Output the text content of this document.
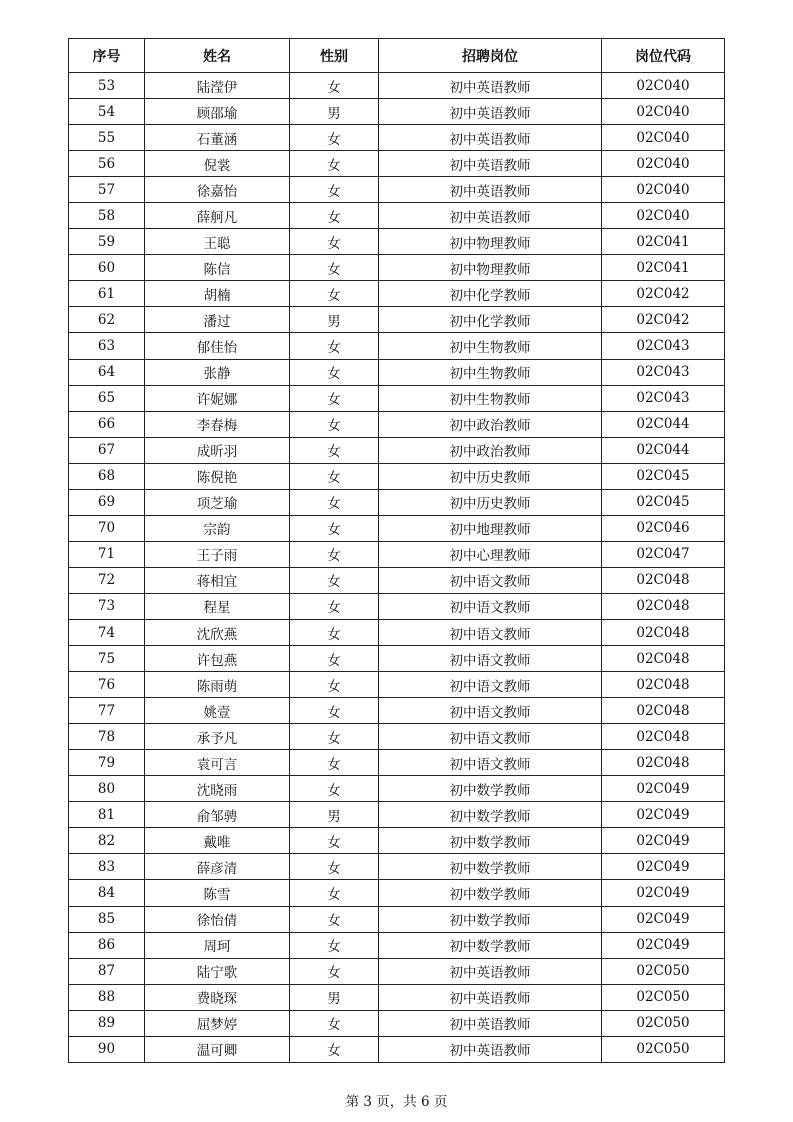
序号	姓名	性别	招聘岗位	岗位代码
53	陆滢伊	女	初中英语教师	02C040
54	顾邵瑜	男	初中英语教师	02C040
55	石董涵	女	初中英语教师	02C040
56	倪裳	女	初中英语教师	02C040
57	徐嘉怡	女	初中英语教师	02C040
58	薛舸凡	女	初中英语教师	02C040
59	王聪	女	初中物理教师	02C041
60	陈信	女	初中物理教师	02C041
61	胡楠	女	初中化学教师	02C042
62	潘过	男	初中化学教师	02C042
63	郁佳怡	女	初中生物教师	02C043
64	张静	女	初中生物教师	02C043
65	许妮娜	女	初中生物教师	02C043
66	李春梅	女	初中政治教师	02C044
67	成昕羽	女	初中政治教师	02C044
68	陈倪艳	女	初中历史教师	02C045
69	项芝瑜	女	初中历史教师	02C045
70	宗韵	女	初中地理教师	02C046
71	王子雨	女	初中心理教师	02C047
72	蒋相宜	女	初中语文教师	02C048
73	程星	女	初中语文教师	02C048
74	沈欣燕	女	初中语文教师	02C048
75	许包燕	女	初中语文教师	02C048
76	陈雨萌	女	初中语文教师	02C048
77	姚壹	女	初中语文教师	02C048
78	承予凡	女	初中语文教师	02C048
79	袁可言	女	初中语文教师	02C048
80	沈晓雨	女	初中数学教师	02C049
81	俞邹骋	男	初中数学教师	02C049
82	戴唯	女	初中数学教师	02C049
83	薛彦清	女	初中数学教师	02C049
84	陈雪	女	初中数学教师	02C049
85	徐怡倩	女	初中数学教师	02C049
86	周珂	女	初中数学教师	02C049
87	陆宁歌	女	初中英语教师	02C050
88	费晓琛	男	初中英语教师	02C050
89	屈梦婷	女	初中英语教师	02C050
90	温可卿	女	初中英语教师	02C050
第 3 页，共 6 页
